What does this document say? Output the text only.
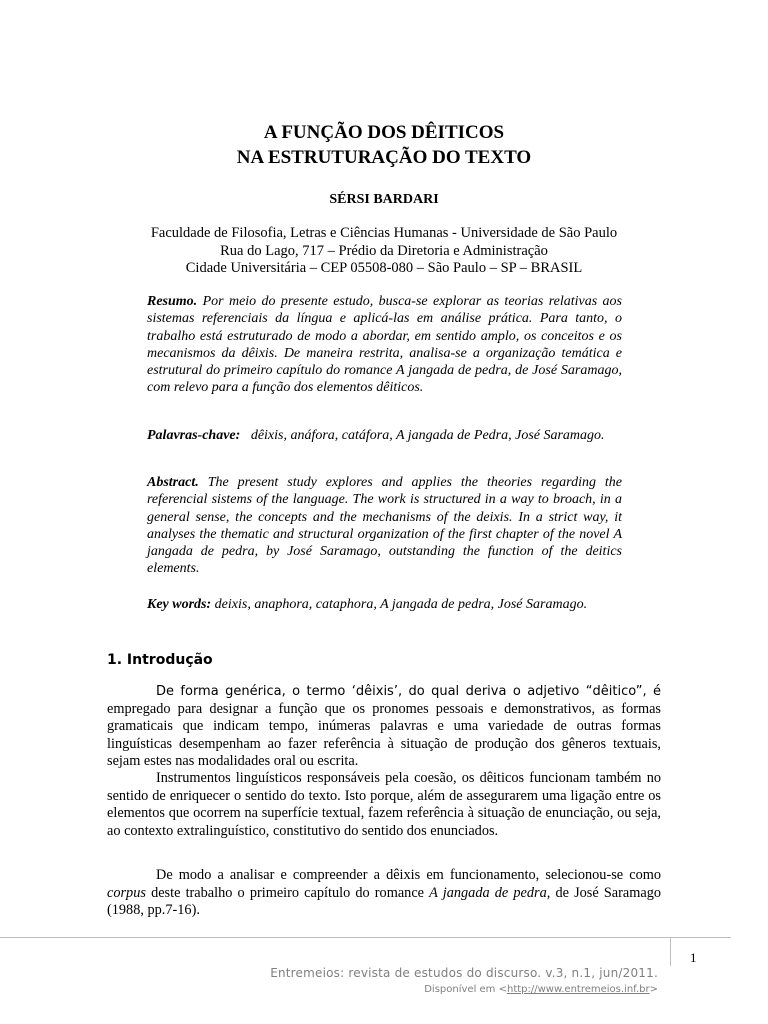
A FUNÇÃO DOS DÊITICOS
NA ESTRUTURAÇÃO DO TEXTO
SÉRSI BARDARI
Faculdade de Filosofia, Letras e Ciências Humanas - Universidade de São Paulo
Rua do Lago, 717 – Prédio da Diretoria e Administração
Cidade Universitária – CEP 05508-080 – São Paulo – SP – BRASIL
Resumo. Por meio do presente estudo, busca-se explorar as teorias relativas aos sistemas referenciais da língua e aplicá-las em análise prática. Para tanto, o trabalho está estruturado de modo a abordar, em sentido amplo, os conceitos e os mecanismos da dêixis. De maneira restrita, analisa-se a organização temática e estrutural do primeiro capítulo do romance A jangada de pedra, de José Saramago, com relevo para a função dos elementos dêiticos.
Palavras-chave: dêixis, anáfora, catáfora, A jangada de Pedra, José Saramago.
Abstract. The present study explores and applies the theories regarding the referencial sistems of the language. The work is structured in a way to broach, in a general sense, the concepts and the mechanisms of the deixis. In a strict way, it analyses the thematic and structural organization of the first chapter of the novel A jangada de pedra, by José Saramago, outstanding the function of the deitics elements.
Key words: deixis, anaphora, cataphora, A jangada de pedra, José Saramago.
1. Introdução
De forma genérica, o termo ‘dêixis’, do qual deriva o adjetivo “dêitico”, é empregado para designar a função que os pronomes pessoais e demonstrativos, as formas gramaticais que indicam tempo, inúmeras palavras e uma variedade de outras formas linguísticas desempenham ao fazer referência à situação de produção dos gêneros textuais, sejam estes nas modalidades oral ou escrita.
Instrumentos linguísticos responsáveis pela coesão, os dêiticos funcionam também no sentido de enriquecer o sentido do texto. Isto porque, além de assegurarem uma ligação entre os elementos que ocorrem na superfície textual, fazem referência à situação de enunciação, ou seja, ao contexto extralinguístico, constitutivo do sentido dos enunciados.
De modo a analisar e compreender a dêixis em funcionamento, selecionou-se como corpus deste trabalho o primeiro capítulo do romance A jangada de pedra, de José Saramago (1988, pp.7-16).
1
Entremeios: revista de estudos do discurso. v.3, n.1, jun/2011.
Disponível em <http://www.entremeios.inf.br>
